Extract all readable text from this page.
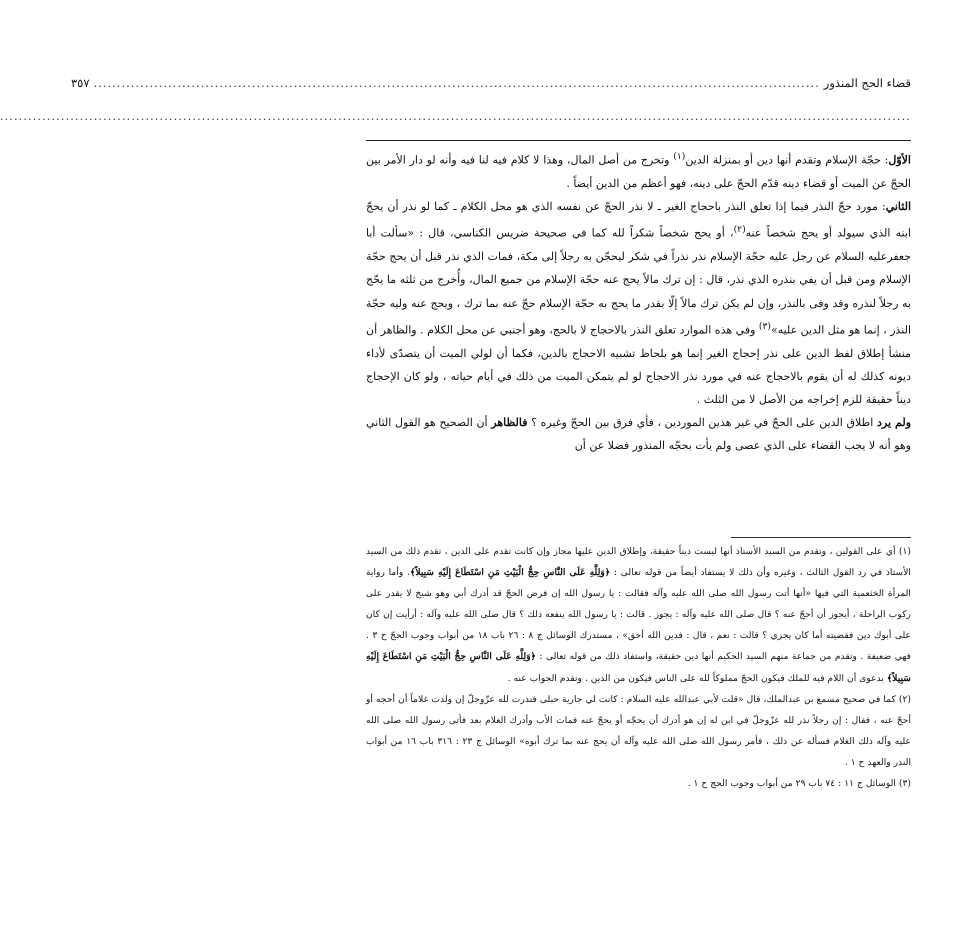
قضاء الحج المنذور
............................................................................................................................................................
٣٥٧
..................................................................................................................................................................................................

الأوّل: حجّة الإسلام وتقدم أنها دين أو بمنزلة الدين$^{(١)}$ وتخرج من أصل المال، وهذا لا كلام فيه لنا فيه وأنه لو دار الأمر بين الحجّ عن الميت أو قضاء دينه قدّم الحجّ على دينه، فهو أعظم من الدين أيضاً .

الثاني: مورد حجّ النذر فيما إذا تعلق النذر باحجاج الغير ـ لا نذر الحجّ عن نفسه الذي هو محل الكلام ـ كما لو نذر أن يحجّ ابنه الذي سيولد أو يحج شخصاً عنه$^{(٢)}$، أو يحج شخصاً شكراً لله كما في صحيحة ضريس الكناسي، قال : «سألت أبا جعفرعليه السلام عن رجل عليه حجّة الإسلام نذر نذراً في شكر ليحجّن به رجلاً إلى مكة، فمات الذي نذر قبل أن يحج حجّة الإسلام ومن قبل أن يفي بنذره الذي نذر، قال : إن ترك مالاً يحج عنه حجّة الإسلام من جميع المال، وأُخرج من ثلثه ما يحّج به رجلاً لنذره وقد وفى بالنذر، وإن لم يكن ترك مالاً إلّا بقدر ما يحج به حجّة الإسلام حجّ عنه بما ترك ، ويحج عنه وليه حجّة النذر ، إنما هو مثل الدين عليه»$^{(٣)}$ وفي هذه الموارد تعلق النذر بالاحجاج لا بالحج، وهو أجنبي عن محل الكلام . والظاهر أن منشأ إطلاق لفظ الدين على نذر إحجاج الغير إنما هو بلحاظ تشبيه الاحجاج بالدين، فكما أن لولي الميت أن يتصدّى لأداء ديونه كذلك له أن يقوم بالاحجاج عنه في مورد نذر الاحجاج لو لم يتمكن الميت من ذلك في أيام حياته ، ولو كان الإحجاج ديناً حقيقة للزم إخراجه من الأصل لا من الثلث .

ولم يرد اطلاق الدين على الحجّ في غير هذين الموردين ، فأي فرق بين الحجّ وغيره ؟ فالظاهر أن الصحيح هو القول الثاني وهو أنه لا يجب القضاء على الذي عصى ولم يأت بحجّه المنذور فضلا عن أن

(١) أي على القولين ، وتقدم من السيد الأستاذ أنها ليست ديناً حقيقة، وإطلاق الدين عليها مجاز وإن كانت تقدم على الدين ، تقدم ذلك من السيد الأستاذ في رد القول الثالث ، وغيره وأن ذلك لا يستفاد أيضاً من قوله تعالى : ﴿وَلِلَّهِ عَلَى النَّاسِ حِجُّ الْبَيْتِ مَنِ اسْتَطَاعَ إِلَيْهِ سَبِيلاً﴾. وأما رواية المرأة الخثعمية التي فيها «أنها أتت رسول الله صلى الله عليه وآله فقالت : يا رسول الله إن فرض الحجّ قد أدرك أبي وهو شيخ لا يقدر على ركوب الراحلة ، أيجوز أن أحجّ عنه ؟ قال صلى الله عليه وآله : يجوز . قالت : يا رسول الله ينفعه ذلك ؟ قال صلى الله عليه وآله : أرأيت إن كان على أبوك دين فقضيته أما كان يجزي ؟ قالت : نعم ، قال : فدين الله أحق» ، مستدرك الوسائل ج ٨ : ٢٦ باب ١٨ من أبواب وجوب الحجّ ح ٣ . فهي ضعيفة . وتقدم من جماعة منهم السيد الحكيم أنها دين حقيقة، واستفاد ذلك من قوله تعالى : ﴿وَلِلَّهِ عَلَى النَّاسِ حِجُّ الْبَيْتِ مَنِ اسْتَطَاعَ إِلَيْهِ سَبِيلاً﴾ بدعوى أن اللام فيه للملك فيكون الحجّ مملوكاً لله على الناس فيكون من الدين . وتقدم الجواب عنه .

(٢) كما في صحيح مسمع بن عبدالملك، قال «قلت لأبي عبدالله عليه السلام : كانت لي جارية حبلى فنذرت لله عزّوجلّ إن ولدت غلاماً أن أحجه أو أحجّ عنه ، فقال : إن رجلاً نذر لله عزّوجلّ في ابن له إن هو أدرك أن يحجّه أو يحجّ عنه فمات الأب وأدرك الغلام بعد فأتى رسول الله صلى الله عليه وآله ذلك الغلام فسأله عن ذلك ، فأمر رسول الله صلى الله عليه وآله أن يحج عنه بما ترك أبوه» الوسائل ج ٢٣ : ٣١٦ باب ١٦ من أبواب النذر والعهد ح ١ .

(٣) الوسائل ج ١١ : ٧٤ باب ٢٩ من أبواب وجوب الحج ح ١ .
